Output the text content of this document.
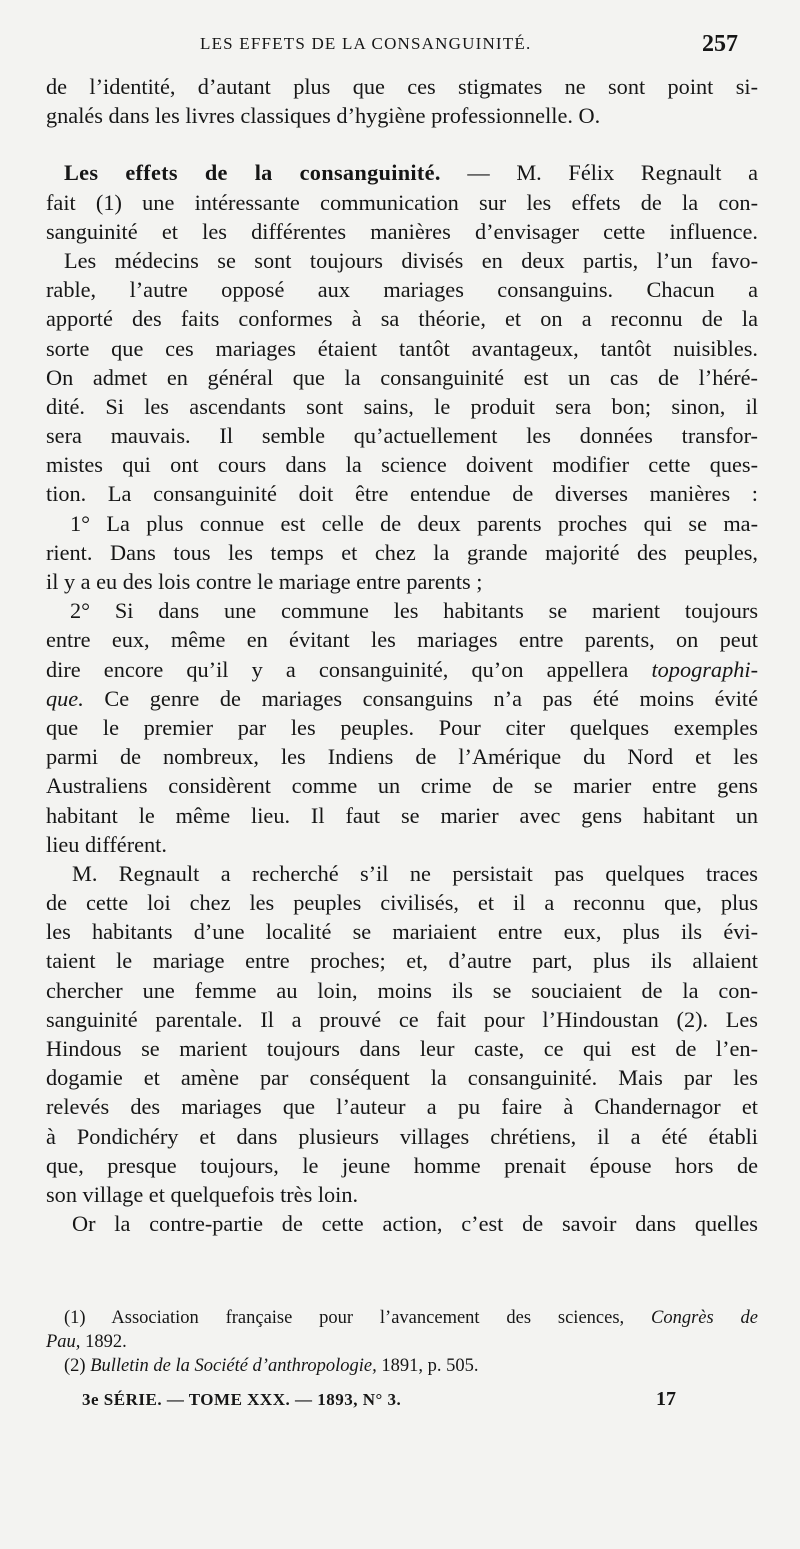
LES EFFETS DE LA CONSANGUINITÉ.	257
de l’identité, d’autant plus que ces stigmates ne sont point si-
gnalés dans les livres classiques d’hygiène professionnelle. O.
Les effets de la consanguinité. — M. Félix Regnault a
fait (1) une intéressante communication sur les effets de la con-
sanguinité et les différentes manières d’envisager cette influence.
Les médecins se sont toujours divisés en deux partis, l’un favo-
rable, l’autre opposé aux mariages consanguins. Chacun a
apporté des faits conformes à sa théorie, et on a reconnu de la
sorte que ces mariages étaient tantôt avantageux, tantôt nuisibles.
On admet en général que la consanguinité est un cas de l’héré-
dité. Si les ascendants sont sains, le produit sera bon; sinon, il
sera mauvais. Il semble qu’actuellement les données transfor-
mistes qui ont cours dans la science doivent modifier cette ques-
tion. La consanguinité doit être entendue de diverses manières :
1° La plus connue est celle de deux parents proches qui se ma-
rient. Dans tous les temps et chez la grande majorité des peuples,
il y a eu des lois contre le mariage entre parents ;
2° Si dans une commune les habitants se marient toujours
entre eux, même en évitant les mariages entre parents, on peut
dire encore qu’il y a consanguinité, qu’on appellera topographi-
que. Ce genre de mariages consanguins n’a pas été moins évité
que le premier par les peuples. Pour citer quelques exemples
parmi de nombreux, les Indiens de l’Amérique du Nord et les
Australiens considèrent comme un crime de se marier entre gens
habitant le même lieu. Il faut se marier avec gens habitant un
lieu différent.
M. Regnault a recherché s’il ne persistait pas quelques traces
de cette loi chez les peuples civilisés, et il a reconnu que, plus
les habitants d’une localité se mariaient entre eux, plus ils évi-
taient le mariage entre proches; et, d’autre part, plus ils allaient
chercher une femme au loin, moins ils se souciaient de la con-
sanguinité parentale. Il a prouvé ce fait pour l’Hindoustan (2). Les
Hindous se marient toujours dans leur caste, ce qui est de l’en-
dogamie et amène par conséquent la consanguinité. Mais par les
relevés des mariages que l’auteur a pu faire à Chandernagor et
à Pondichéry et dans plusieurs villages chrétiens, il a été établi
que, presque toujours, le jeune homme prenait épouse hors de
son village et quelquefois très loin.
Or la contre-partie de cette action, c’est de savoir dans quelles
(1) Association française pour l’avancement des sciences, Congrès de
Pau, 1892.
(2) Bulletin de la Société d’anthropologie, 1891, p. 505.
3e SÉRIE. — TOME XXX. — 1893, N° 3.	17
